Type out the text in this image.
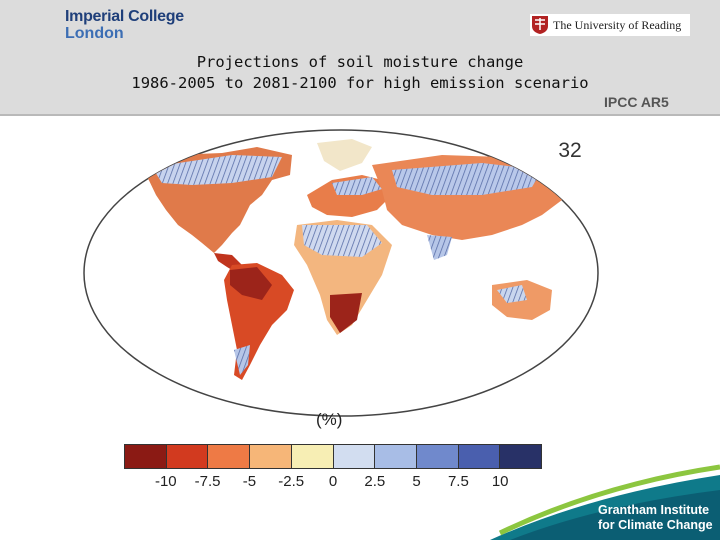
Imperial College
London
The University of Reading
Projections of soil moisture change
1986-2005 to 2081-2100 for high emission scenario
IPCC AR5
32
(%)
-10 -7.5 -5 -2.5 0 2.5 5 7.5 10
Grantham Institute
for Climate Change
